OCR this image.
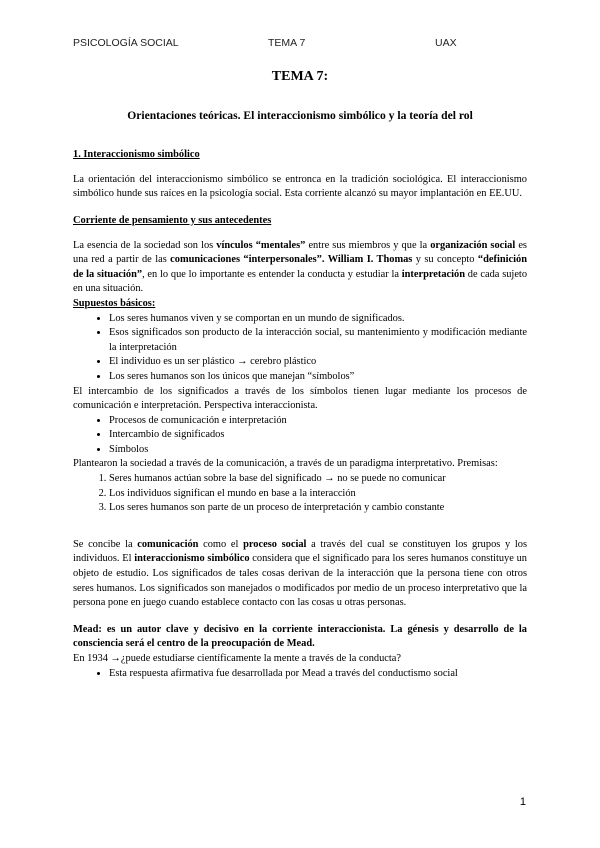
PSICOLOGÍA SOCIAL	TEMA 7	UAX
TEMA 7:
Orientaciones teóricas. El interaccionismo simbólico y la teoría del rol
1. Interaccionismo simbólico

La orientación del interaccionismo simbólico se entronca en la tradición sociológica. El interaccionismo simbólico hunde sus raíces en la psicología social. Esta corriente alcanzó su mayor implantación en EE.UU.

Corriente de pensamiento y sus antecedentes

La esencia de la sociedad son los vínculos “mentales” entre sus miembros y que la organización social es una red a partir de las comunicaciones “interpersonales”. William I. Thomas y su concepto “definición de la situación”, en lo que lo importante es entender la conducta y estudiar la interpretación de cada sujeto en una situación.

Supuestos básicos:
• Los seres humanos viven y se comportan en un mundo de significados.
• Esos significados son producto de la interacción social, su mantenimiento y modificación mediante la interpretación
• El individuo es un ser plástico → cerebro plástico
• Los seres humanos son los únicos que manejan “símbolos”

El intercambio de los significados a través de los símbolos tienen lugar mediante los procesos de comunicación e interpretación. Perspectiva interaccionista.

• Procesos de comunicación e interpretación
• Intercambio de significados
• Símbolos

Plantearon la sociedad a través de la comunicación, a través de un paradigma interpretativo. Premisas:

1. Seres humanos actúan sobre la base del significado → no se puede no comunicar
2. Los individuos significan el mundo en base a la interacción
3. Los seres humanos son parte de un proceso de interpretación y cambio constante

Se concibe la comunicación como el proceso social a través del cual se constituyen los grupos y los individuos. El interaccionismo simbólico considera que el significado para los seres humanos constituye un objeto de estudio. Los significados de tales cosas derivan de la interacción que la persona tiene con otros seres humanos. Los significados son manejados o modificados por medio de un proceso interpretativo que la persona pone en juego cuando establece contacto con las cosas u otras personas.

Mead: es un autor clave y decisivo en la corriente interaccionista. La génesis y desarrollo de la consciencia será el centro de la preocupación de Mead.

En 1934 →¿puede estudiarse científicamente la mente a través de la conducta?

• Esta respuesta afirmativa fue desarrollada por Mead a través del conductismo social
1
